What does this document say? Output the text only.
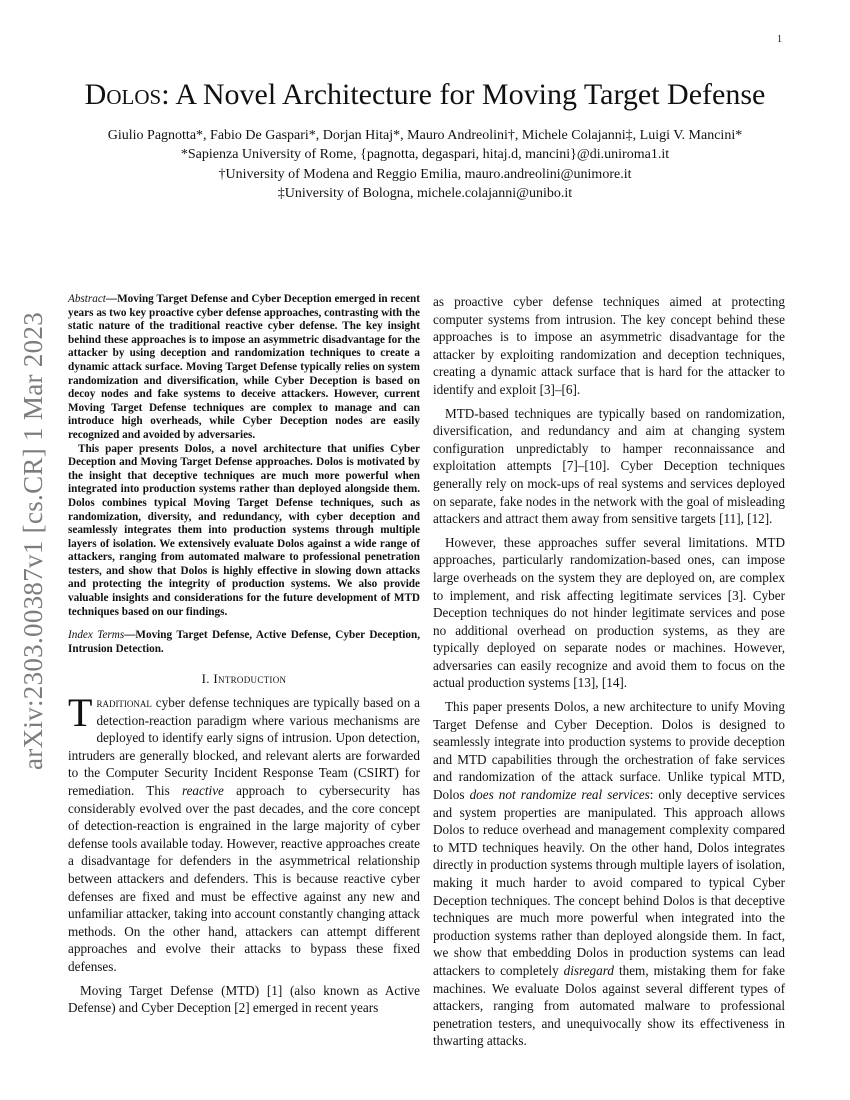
1
arXiv:2303.00387v1 [cs.CR] 1 Mar 2023
Dolos: A Novel Architecture for Moving Target Defense
Giulio Pagnotta*, Fabio De Gaspari*, Dorjan Hitaj*, Mauro Andreolini†, Michele Colajanni‡, Luigi V. Mancini*
*Sapienza University of Rome, {pagnotta, degaspari, hitaj.d, mancini}@di.uniroma1.it
†University of Modena and Reggio Emilia, mauro.andreolini@unimore.it
‡University of Bologna, michele.colajanni@unibo.it

Abstract—Moving Target Defense and Cyber Deception emerged in recent years as two key proactive cyber defense approaches, contrasting with the static nature of the traditional reactive cyber defense. The key insight behind these approaches is to impose an asymmetric disadvantage for the attacker by using deception and randomization techniques to create a dynamic attack surface. Moving Target Defense typically relies on system randomization and diversification, while Cyber Deception is based on decoy nodes and fake systems to deceive attackers. However, current Moving Target Defense techniques are complex to manage and can introduce high overheads, while Cyber Deception nodes are easily recognized and avoided by adversaries.

This paper presents Dolos, a novel architecture that unifies Cyber Deception and Moving Target Defense approaches. Dolos is motivated by the insight that deceptive techniques are much more powerful when integrated into production systems rather than deployed alongside them. Dolos combines typical Moving Target Defense techniques, such as randomization, diversity, and redundancy, with cyber deception and seamlessly integrates them into production systems through multiple layers of isolation. We extensively evaluate Dolos against a wide range of attackers, ranging from automated malware to professional penetration testers, and show that Dolos is highly effective in slowing down attacks and protecting the integrity of production systems. We also provide valuable insights and considerations for the future development of MTD techniques based on our findings.

Index Terms—Moving Target Defense, Active Defense, Cyber Deception, Intrusion Detection.

I. Introduction

Traditional cyber defense techniques are typically based on a detection-reaction paradigm where various mechanisms are deployed to identify early signs of intrusion. Upon detection, intruders are generally blocked, and relevant alerts are forwarded to the Computer Security Incident Response Team (CSIRT) for remediation. This reactive approach to cybersecurity has considerably evolved over the past decades, and the core concept of detection-reaction is engrained in the large majority of cyber defense tools available today. However, reactive approaches create a disadvantage for defenders in the asymmetrical relationship between attackers and defenders. This is because reactive cyber defenses are fixed and must be effective against any new and unfamiliar attacker, taking into account constantly changing attack methods. On the other hand, attackers can attempt different approaches and evolve their attacks to bypass these fixed defenses.

Moving Target Defense (MTD) [1] (also known as Active Defense) and Cyber Deception [2] emerged in recent years

as proactive cyber defense techniques aimed at protecting computer systems from intrusion. The key concept behind these approaches is to impose an asymmetric disadvantage for the attacker by exploiting randomization and deception techniques, creating a dynamic attack surface that is hard for the attacker to identify and exploit [3]–[6].

MTD-based techniques are typically based on randomization, diversification, and redundancy and aim at changing system configuration unpredictably to hamper reconnaissance and exploitation attempts [7]–[10]. Cyber Deception techniques generally rely on mock-ups of real systems and services deployed on separate, fake nodes in the network with the goal of misleading attackers and attract them away from sensitive targets [11], [12].

However, these approaches suffer several limitations. MTD approaches, particularly randomization-based ones, can impose large overheads on the system they are deployed on, are complex to implement, and risk affecting legitimate services [3]. Cyber Deception techniques do not hinder legitimate services and pose no additional overhead on production systems, as they are typically deployed on separate nodes or machines. However, adversaries can easily recognize and avoid them to focus on the actual production systems [13], [14].

This paper presents Dolos, a new architecture to unify Moving Target Defense and Cyber Deception. Dolos is designed to seamlessly integrate into production systems to provide deception and MTD capabilities through the orchestration of fake services and randomization of the attack surface. Unlike typical MTD, Dolos does not randomize real services: only deceptive services and system properties are manipulated. This approach allows Dolos to reduce overhead and management complexity compared to MTD techniques heavily. On the other hand, Dolos integrates directly in production systems through multiple layers of isolation, making it much harder to avoid compared to typical Cyber Deception techniques. The concept behind Dolos is that deceptive techniques are much more powerful when integrated into the production systems rather than deployed alongside them. In fact, we show that embedding Dolos in production systems can lead attackers to completely disregard them, mistaking them for fake machines. We evaluate Dolos against several different types of attackers, ranging from automated malware to professional penetration testers, and unequivocally show its effectiveness in thwarting attacks.
